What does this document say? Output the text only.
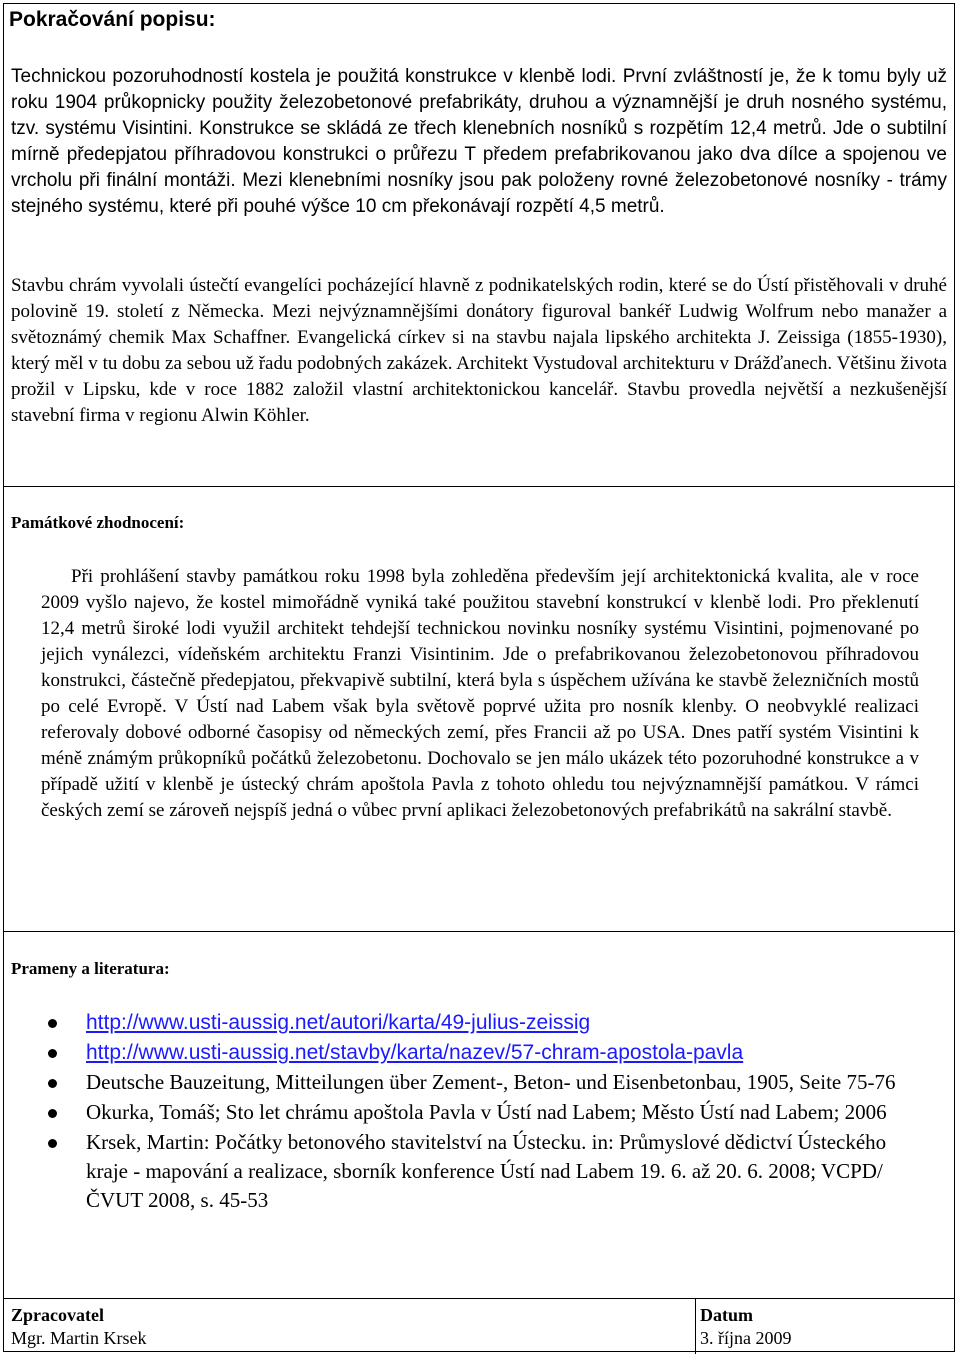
Pokračování popisu:

Technickou pozoruhodností kostela je použitá konstrukce v klenbě lodi. První zvláštností je, že k tomu byly už roku 1904 průkopnicky použity železobetonové prefabrikáty, druhou a významnější je druh nosného systému, tzv. systému Visintini. Konstrukce se skládá ze třech klenebních nosníků s rozpětím 12,4 metrů. Jde o subtilní mírně předepjatou příhradovou konstrukci o průřezu T předem prefabrikovanou jako dva dílce a spojenou ve vrcholu při finální montáži. Mezi klenebními nosníky jsou pak položeny rovné železobetonové nosníky - trámy stejného systému, které při pouhé výšce 10 cm překonávají rozpětí 4,5 metrů.

Stavbu chrám vyvolali ústečtí evangelíci pocházející hlavně z podnikatelských rodin, které se do Ústí přistěhovali v druhé polovině 19. století z Německa. Mezi nejvýznamnějšími donátory figuroval bankéř Ludwig Wolfrum nebo manažer a světoznámý chemik Max Schaffner. Evangelická církev si na stavbu najala lipského architekta J. Zeissiga (1855-1930), který měl v tu dobu za sebou už řadu podobných zakázek. Architekt Vystudoval architekturu v Drážďanech. Většinu života prožil v Lipsku, kde v roce 1882 založil vlastní architektonickou kancelář. Stavbu provedla největší a nezkušenější stavební firma v regionu Alwin Köhler.

Památkové zhodnocení:

Při prohlášení stavby památkou roku 1998 byla zohleděna především její architektonická kvalita, ale v roce 2009 vyšlo najevo, že kostel mimořádně vyniká také použitou stavební konstrukcí v klenbě lodi. Pro překlenutí 12,4 metrů široké lodi využil architekt tehdejší technickou novinku nosníky systému Visintini, pojmenované po jejich vynálezci, vídeňském architektu Franzi Visintinim. Jde o prefabrikovanou železobetonovou příhradovou konstrukci, částečně předepjatou, překvapivě subtilní, která byla s úspěchem užívána ke stavbě železničních mostů po celé Evropě. V Ústí nad Labem však byla světově poprvé užita pro nosník klenby. O neobvyklé realizaci referovaly dobové odborné časopisy od německých zemí, přes Francii až po USA. Dnes patří systém Visintini k méně známým průkopníků počátků železobetonu. Dochovalo se jen málo ukázek této pozoruhodné konstrukce a v případě užití v klenbě je ústecký chrám apoštola Pavla z tohoto ohledu tou nejvýznamnější památkou. V rámci českých zemí se zároveň nejspíš jedná o vůbec první aplikaci železobetonových prefabrikátů na sakrální stavbě.

Prameny a literatura:
http://www.usti-aussig.net/autori/karta/49-julius-zeissig
http://www.usti-aussig.net/stavby/karta/nazev/57-chram-apostola-pavla
Deutsche Bauzeitung, Mitteilungen über Zement-, Beton- und Eisenbetonbau, 1905, Seite 75-76
Okurka, Tomáš; Sto let chrámu apoštola Pavla v Ústí nad Labem; Město Ústí nad Labem; 2006
Krsek, Martin: Počátky betonového stavitelství na Ústecku. in: Průmyslové dědictví Ústeckého kraje - mapování a realizace, sborník konference Ústí nad Labem 19. 6. až 20. 6. 2008; VCPD/ČVUT 2008, s. 45-53
Zpracovatel
Mgr. Martin Krsek
Datum
3. října 2009
